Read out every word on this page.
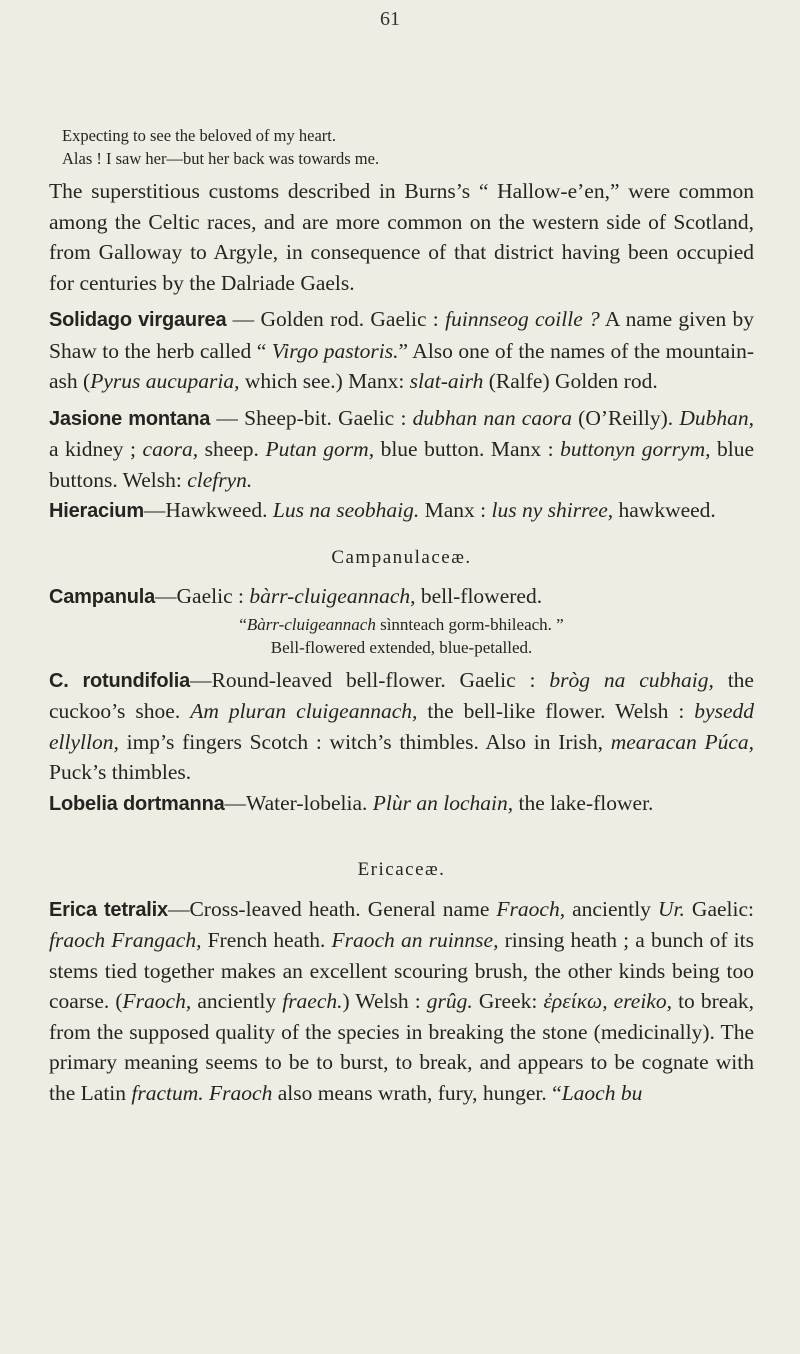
61
Expecting to see the beloved of my heart.
Alas ! I saw her—but her back was towards me.

The superstitious customs described in Burns’s “ Hallow-e’en,” were common among the Celtic races, and are more common on the western side of Scotland, from Galloway to Argyle, in consequence of that district having been occupied for centuries by the Dalriade Gaels.

Solidago virgaurea — Golden rod. Gaelic : fuinnseog coille ? A name given by Shaw to the herb called “ Virgo pastoris.” Also one of the names of the mountain-ash (Pyrus aucuparia, which see.) Manx: slat-airh (Ralfe) Golden rod.

Jasione montana — Sheep-bit. Gaelic : dubhan nan caora (O’Reilly). Dubhan, a kidney ; caora, sheep. Putan gorm, blue button. Manx : buttonyn gorrym, blue buttons. Welsh: clefryn.

Hieracium—Hawkweed. Lus na seobhaig. Manx : lus ny shirree, hawkweed.

Campanulaceæ.

Campanula—Gaelic : bàrr-cluigeannach, bell-flowered.

“Bàrr-cluigeannach sìnnteach gorm-bhileach. ”
Bell-flowered extended, blue-petalled.

C. rotundifolia—Round-leaved bell-flower. Gaelic : bròg na cubhaig, the cuckoo’s shoe. Am pluran cluigeannach, the bell-like flower. Welsh : bysedd ellyllon, imp’s fingers Scotch : witch’s thimbles. Also in Irish, mearacan Púca, Puck’s thimbles.

Lobelia dortmanna—Water-lobelia. Plùr an lochain, the lake-flower.

Ericaceæ.

Erica tetralix—Cross-leaved heath. General name Fraoch, anciently Ur. Gaelic: fraoch Frangach, French heath. Fraoch an ruinnse, rinsing heath ; a bunch of its stems tied together makes an excellent scouring brush, the other kinds being too coarse. (Fraoch, anciently fraech.) Welsh : grûg. Greek: ἐρείκω, ereiko, to break, from the supposed quality of the species in breaking the stone (medicinally). The primary meaning seems to be to burst, to break, and appears to be cognate with the Latin fractum. Fraoch also means wrath, fury, hunger. “Laoch bu
